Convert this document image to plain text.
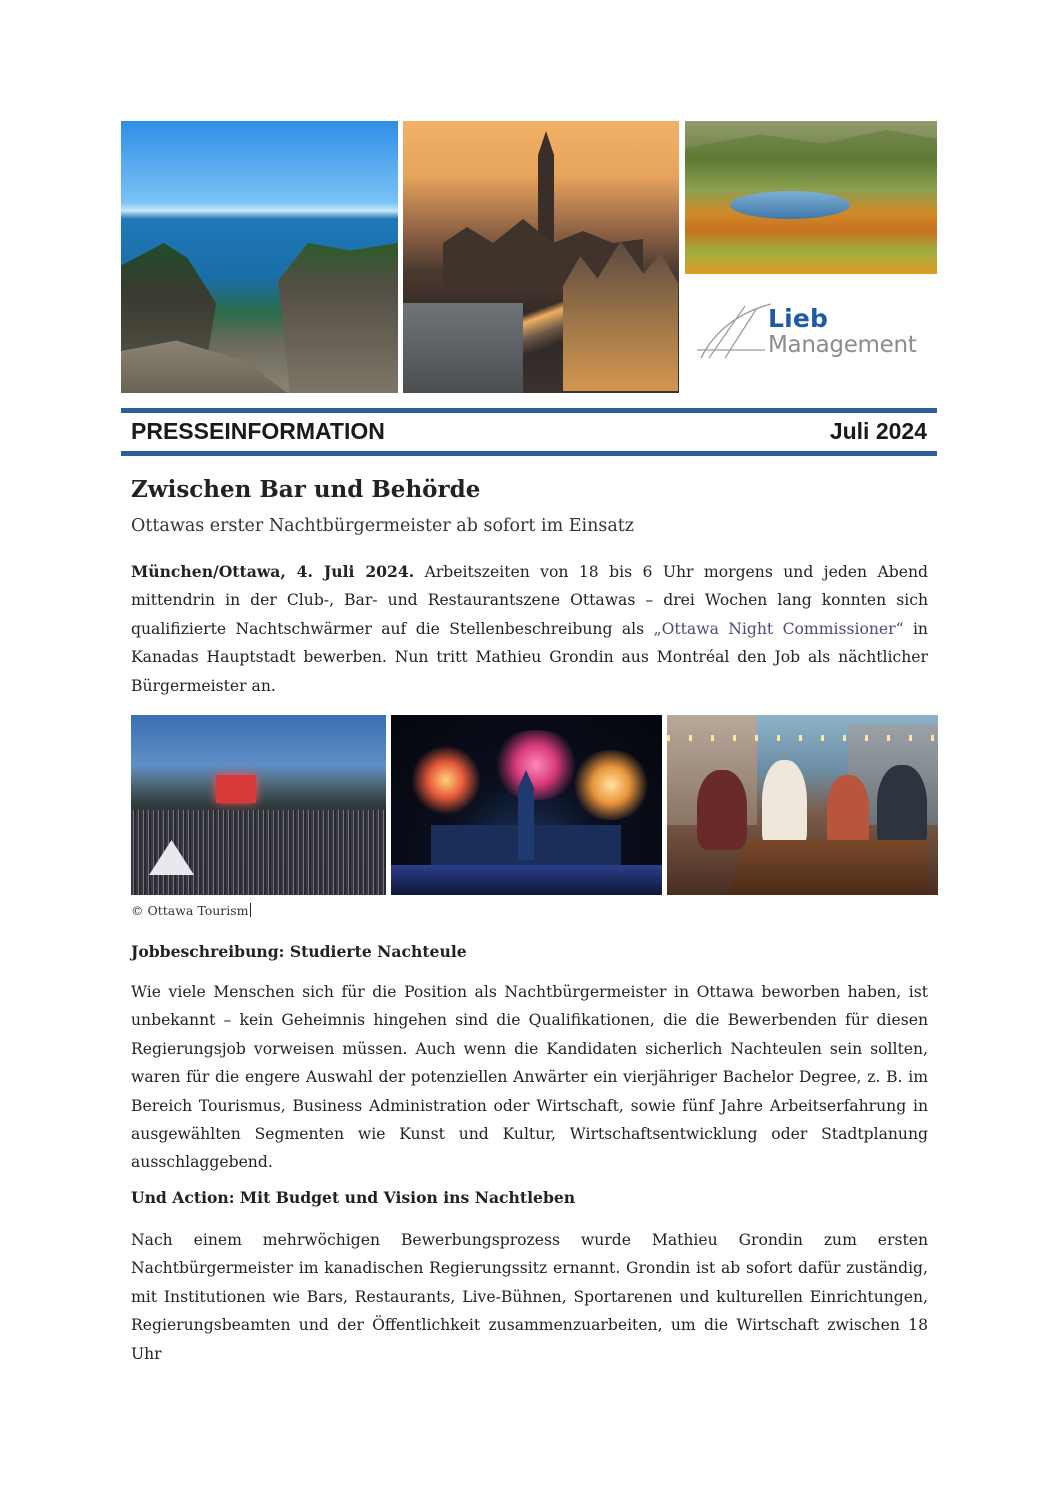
Lieb
Management
PRESSEINFORMATION	Juli 2024
Zwischen Bar und Behörde
Ottawas erster Nachtbürgermeister ab sofort im Einsatz
München/Ottawa, 4. Juli 2024. Arbeitszeiten von 18 bis 6 Uhr morgens und jeden Abend mittendrin in der Club-, Bar- und Restaurantszene Ottawas – drei Wochen lang konnten sich qualifizierte Nachtschwärmer auf die Stellenbeschreibung als „Ottawa Night Commissioner“ in Kanadas Hauptstadt bewerben. Nun tritt Mathieu Grondin aus Montréal den Job als nächtlicher Bürgermeister an.
© Ottawa Tourism
Jobbeschreibung: Studierte Nachteule
Wie viele Menschen sich für die Position als Nachtbürgermeister in Ottawa beworben haben, ist unbekannt – kein Geheimnis hingehen sind die Qualifikationen, die die Bewerbenden für diesen Regierungsjob vorweisen müssen. Auch wenn die Kandidaten sicherlich Nachteulen sein sollten, waren für die engere Auswahl der potenziellen Anwärter ein vierjähriger Bachelor Degree, z. B. im Bereich Tourismus, Business Administration oder Wirtschaft, sowie fünf Jahre Arbeitserfahrung in ausgewählten Segmenten wie Kunst und Kultur, Wirtschaftsentwicklung oder Stadtplanung ausschlaggebend.
Und Action: Mit Budget und Vision ins Nachtleben
Nach einem mehrwöchigen Bewerbungsprozess wurde Mathieu Grondin zum ersten Nachtbürgermeister im kanadischen Regierungssitz ernannt. Grondin ist ab sofort dafür zuständig, mit Institutionen wie Bars, Restaurants, Live-Bühnen, Sportarenen und kulturellen Einrichtungen, Regierungsbeamten und der Öffentlichkeit zusammenzuarbeiten, um die Wirtschaft zwischen 18 Uhr
